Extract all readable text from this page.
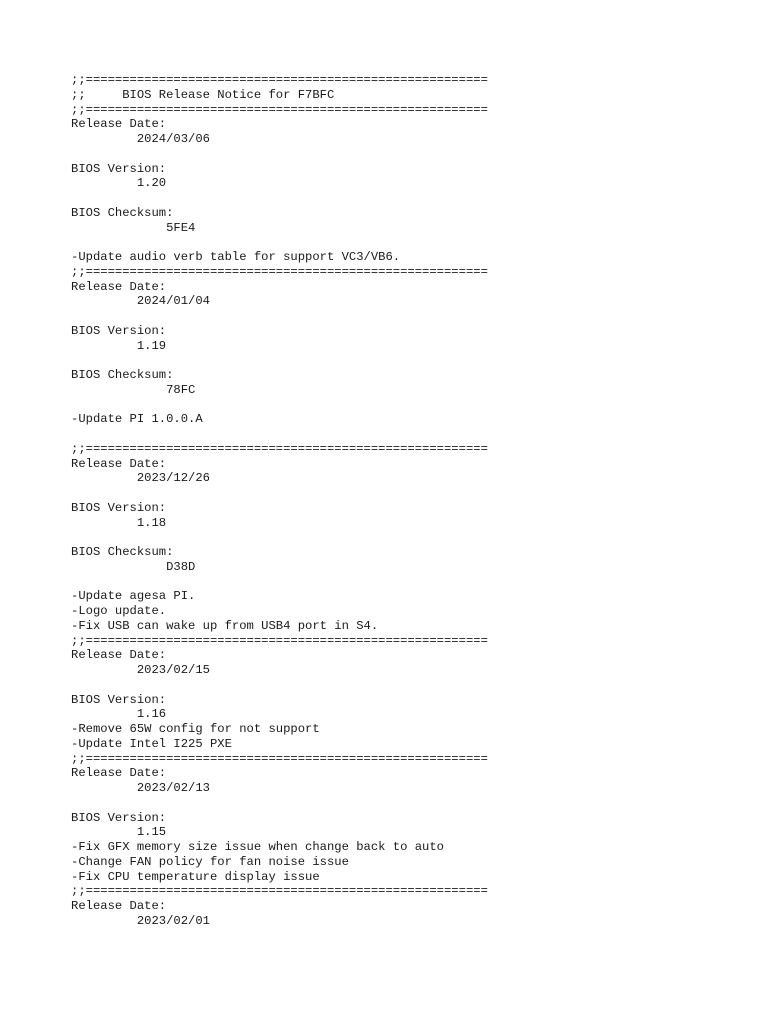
;;=======================================================
;;     BIOS Release Notice for F7BFC
;;=======================================================
Release Date:
2024/03/06
BIOS Version:
1.20
BIOS Checksum:
5FE4
-Update audio verb table for support VC3/VB6.
;;=======================================================
Release Date:
2024/01/04
BIOS Version:
1.19
BIOS Checksum:
78FC
-Update PI 1.0.0.A
;;=======================================================
Release Date:
2023/12/26
BIOS Version:
1.18
BIOS Checksum:
D38D
-Update agesa PI.
-Logo update.
-Fix USB can wake up from USB4 port in S4.
;;=======================================================
Release Date:
2023/02/15
BIOS Version:
1.16
-Remove 65W config for not support
-Update Intel I225 PXE
;;=======================================================
Release Date:
2023/02/13
BIOS Version:
1.15
-Fix GFX memory size issue when change back to auto
-Change FAN policy for fan noise issue
-Fix CPU temperature display issue
;;=======================================================
Release Date:
2023/02/01
